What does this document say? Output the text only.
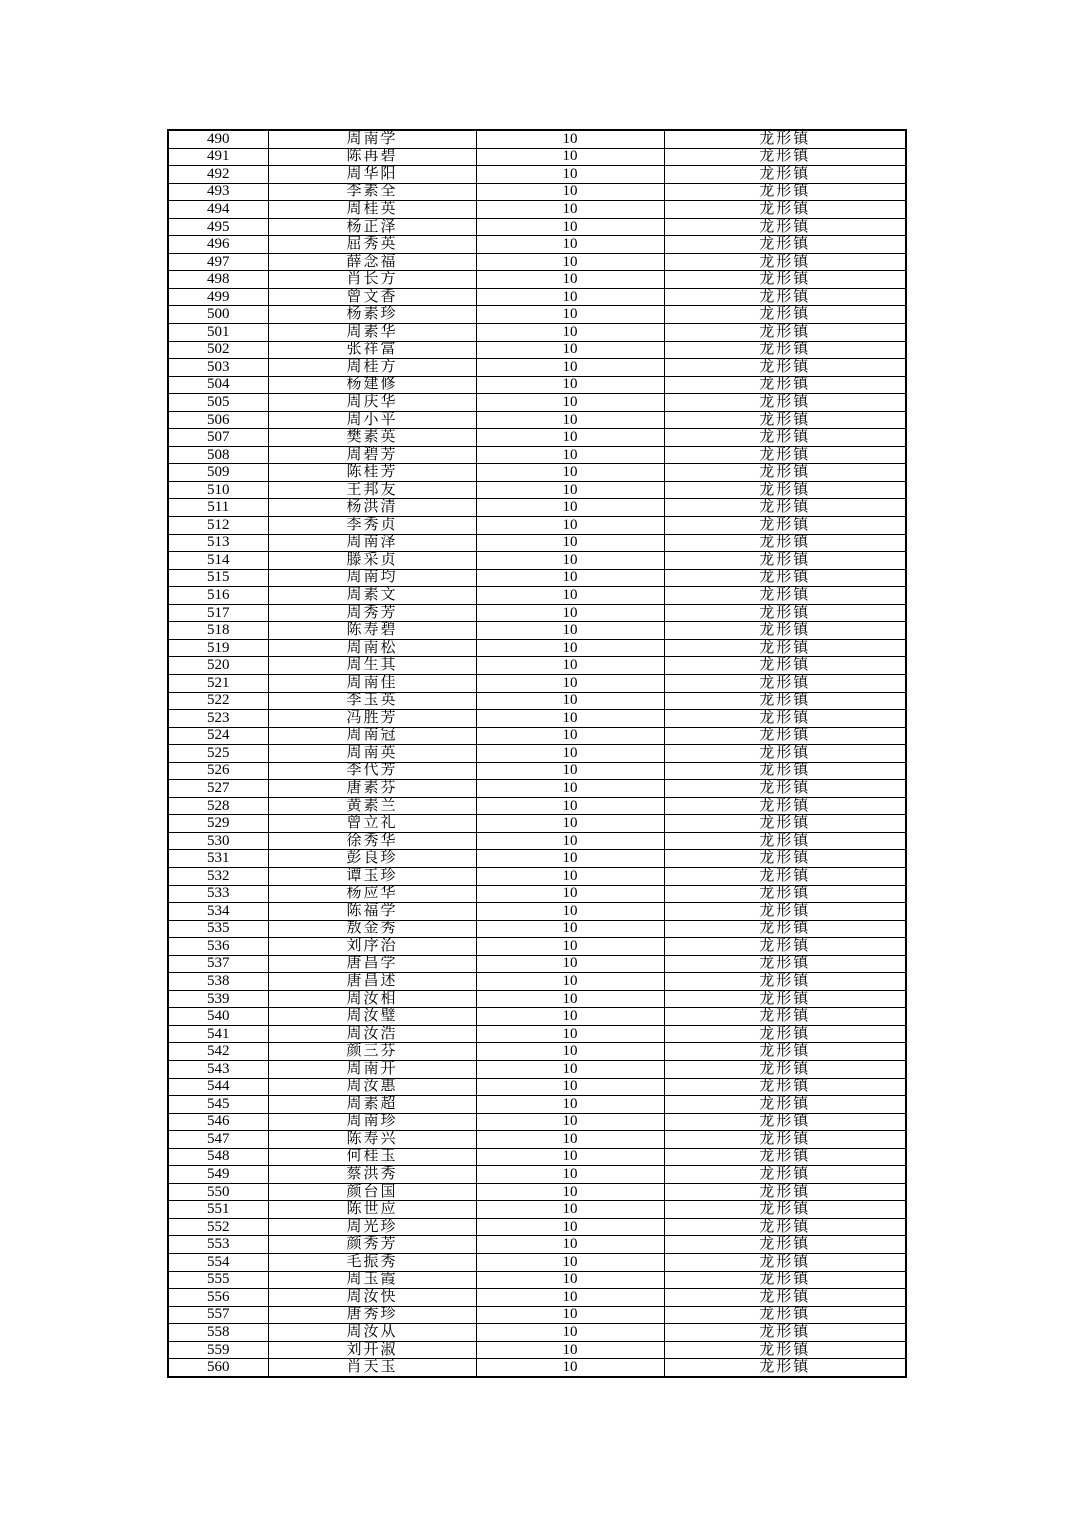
490	周南学	10	龙形镇
491	陈再碧	10	龙形镇
492	周华阳	10	龙形镇
493	李素全	10	龙形镇
494	周桂英	10	龙形镇
495	杨正泽	10	龙形镇
496	屈秀英	10	龙形镇
497	薛念福	10	龙形镇
498	肖长方	10	龙形镇
499	曾文香	10	龙形镇
500	杨素珍	10	龙形镇
501	周素华	10	龙形镇
502	张祥富	10	龙形镇
503	周桂方	10	龙形镇
504	杨建修	10	龙形镇
505	周庆华	10	龙形镇
506	周小平	10	龙形镇
507	樊素英	10	龙形镇
508	周碧芳	10	龙形镇
509	陈桂芳	10	龙形镇
510	王邦友	10	龙形镇
511	杨洪清	10	龙形镇
512	李秀贞	10	龙形镇
513	周南泽	10	龙形镇
514	滕采贞	10	龙形镇
515	周南均	10	龙形镇
516	周素文	10	龙形镇
517	周秀芳	10	龙形镇
518	陈寿碧	10	龙形镇
519	周南松	10	龙形镇
520	周生其	10	龙形镇
521	周南佳	10	龙形镇
522	李玉英	10	龙形镇
523	冯胜芳	10	龙形镇
524	周南冠	10	龙形镇
525	周南英	10	龙形镇
526	李代芳	10	龙形镇
527	唐素芬	10	龙形镇
528	黄素兰	10	龙形镇
529	曾立礼	10	龙形镇
530	徐秀华	10	龙形镇
531	彭良珍	10	龙形镇
532	谭玉珍	10	龙形镇
533	杨应华	10	龙形镇
534	陈福学	10	龙形镇
535	敖金秀	10	龙形镇
536	刘序治	10	龙形镇
537	唐昌学	10	龙形镇
538	唐昌述	10	龙形镇
539	周汝相	10	龙形镇
540	周汝璧	10	龙形镇
541	周汝浩	10	龙形镇
542	颜三芬	10	龙形镇
543	周南开	10	龙形镇
544	周汝惠	10	龙形镇
545	周素超	10	龙形镇
546	周南珍	10	龙形镇
547	陈寿兴	10	龙形镇
548	何桂玉	10	龙形镇
549	蔡洪秀	10	龙形镇
550	颜台国	10	龙形镇
551	陈世应	10	龙形镇
552	周光珍	10	龙形镇
553	颜秀芳	10	龙形镇
554	毛振秀	10	龙形镇
555	周玉霞	10	龙形镇
556	周汝快	10	龙形镇
557	唐秀珍	10	龙形镇
558	周汝从	10	龙形镇
559	刘开淑	10	龙形镇
560	肖天玉	10	龙形镇
